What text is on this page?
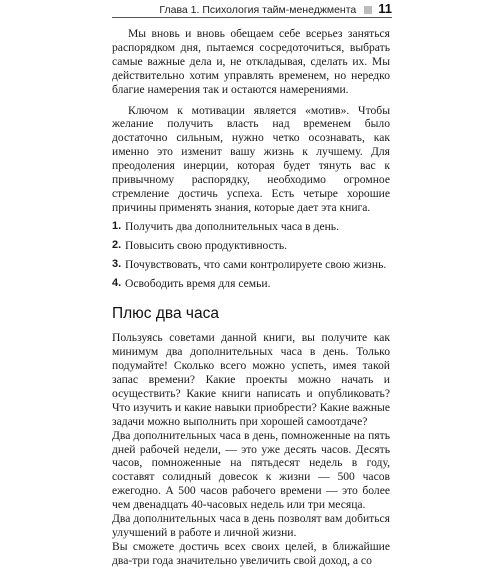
Глава 1. Психология тайм-менеджмента 11

Мы вновь и вновь обещаем себе всерьез заняться распорядком дня, пытаемся сосредоточиться, выбрать самые важные дела и, не откладывая, сделать их. Мы действительно хотим управлять временем, но нередко благие намерения так и остаются намерениями.

Ключом к мотивации является «мотив». Чтобы желание получить власть над временем было достаточно сильным, нужно четко осознавать, как именно это изменит вашу жизнь к лучшему. Для преодоления инерции, которая будет тянуть вас к привычному распорядку, необходимо огромное стремление достичь успеха. Есть четыре хорошие причины применять знания, которые дает эта книга.

1. Получить два дополнительных часа в день.
2. Повысить свою продуктивность.
3. Почувствовать, что сами контролируете свою жизнь.
4. Освободить время для семьи.
Плюс два часа

Пользуясь советами данной книги, вы получите как минимум два дополнительных часа в день. Только подумайте! Сколько всего можно успеть, имея такой запас времени? Какие проекты можно начать и осуществить? Какие книги написать и опубликовать? Что изучить и какие навыки приобрести? Какие важные задачи можно выполнить при хорошей самоотдаче?

Два дополнительных часа в день, помноженные на пять дней рабочей недели, — это уже десять часов. Десять часов, помноженные на пятьдесят недель в году, составят солидный довесок к жизни — 500 часов ежегодно. А 500 часов рабочего времени — это более чем двенадцать 40-часовых недель или три месяца.

Два дополнительных часа в день позволят вам добиться улучшений в работе и личной жизни.

Вы сможете достичь всех своих целей, в ближайшие два-три года значительно увеличить свой доход, а со
